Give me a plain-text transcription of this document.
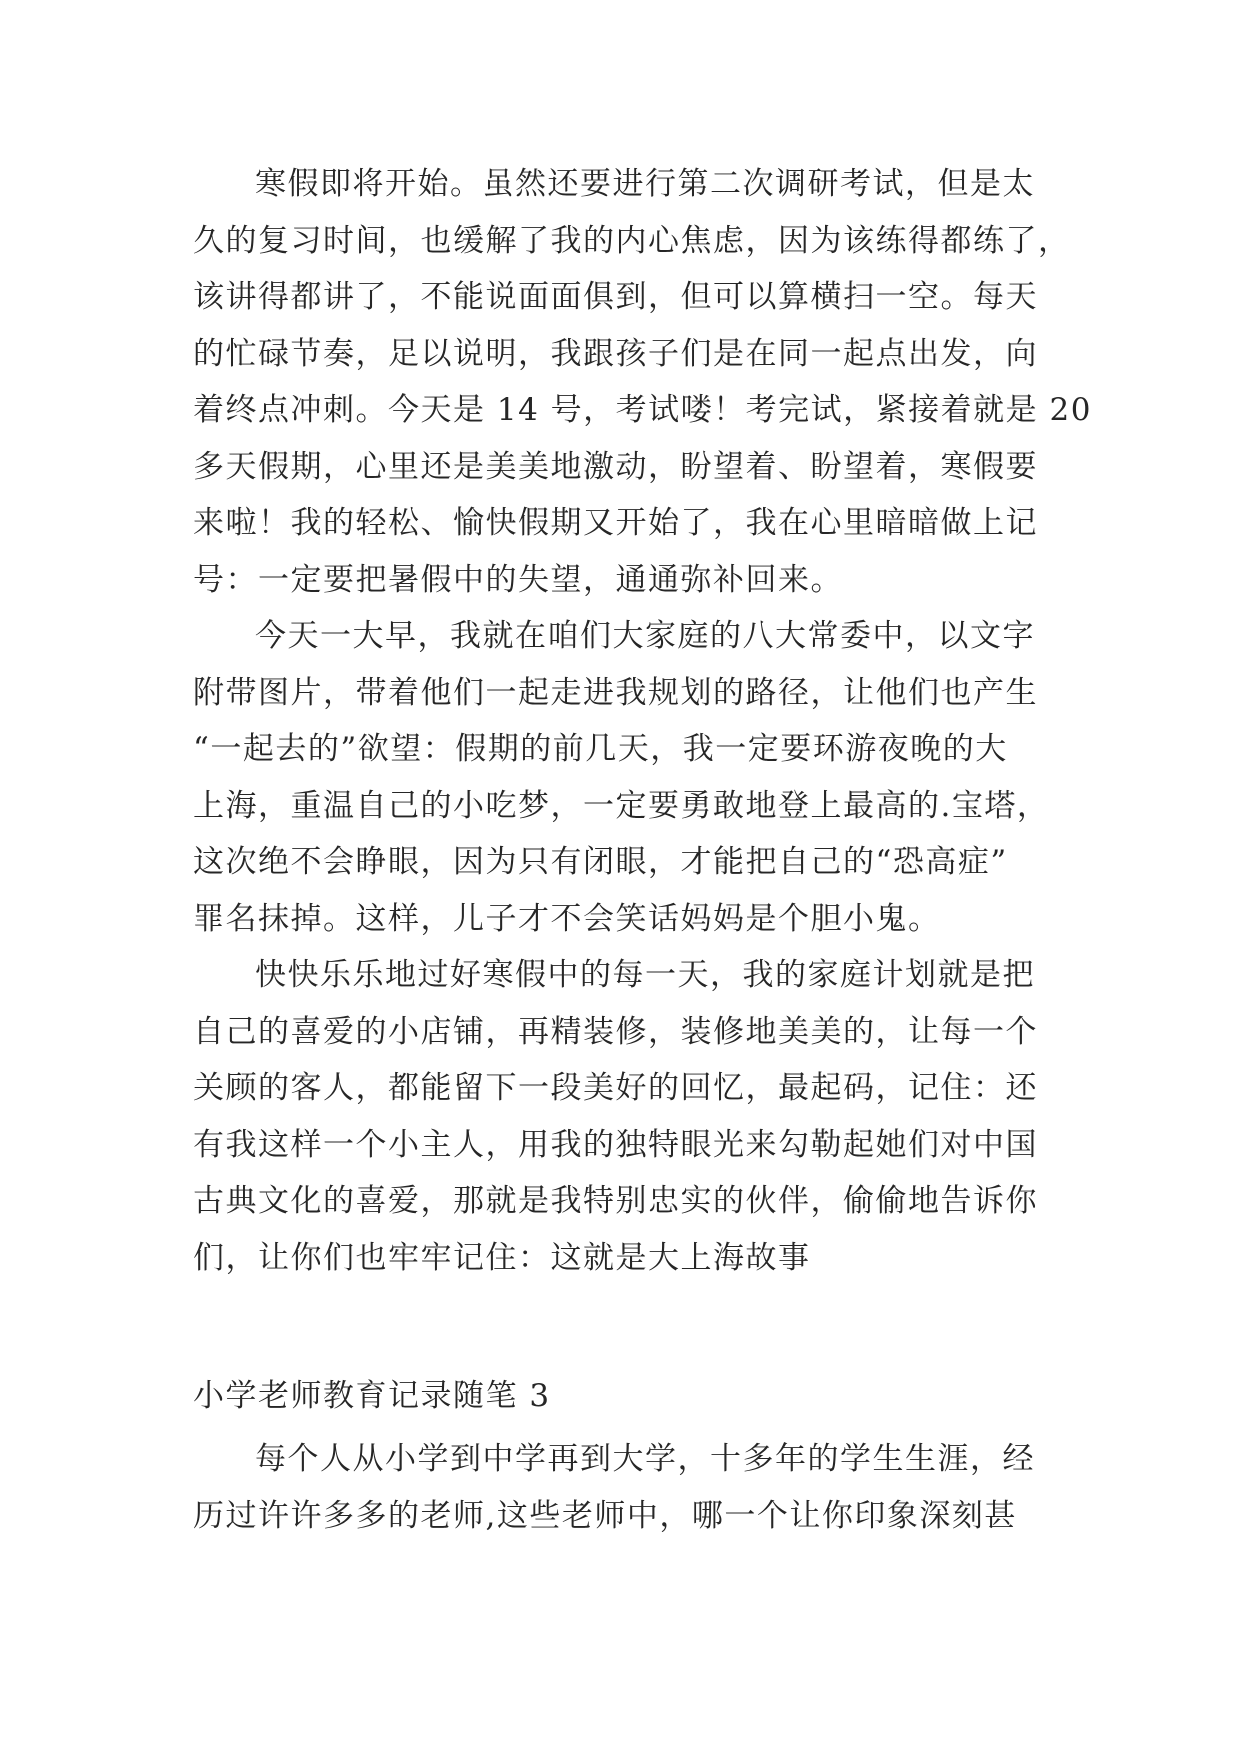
寒假即将开始。虽然还要进行第二次调研考试，但是太
久的复习时间，也缓解了我的内心焦虑，因为该练得都练了，
该讲得都讲了，不能说面面俱到，但可以算横扫一空。每天
的忙碌节奏，足以说明，我跟孩子们是在同一起点出发，向
着终点冲刺。今天是 14 号，考试喽！考完试，紧接着就是 20
多天假期，心里还是美美地激动，盼望着、盼望着，寒假要
来啦！我的轻松、愉快假期又开始了，我在心里暗暗做上记
号：一定要把暑假中的失望，通通弥补回来。
今天一大早，我就在咱们大家庭的八大常委中，以文字
附带图片，带着他们一起走进我规划的路径，让他们也产生
“一起去的”欲望：假期的前几天，我一定要环游夜晚的大
上海，重温自己的小吃梦，一定要勇敢地登上最高的.宝塔，
这次绝不会睁眼，因为只有闭眼，才能把自己的“恐高症”
罪名抹掉。这样，儿子才不会笑话妈妈是个胆小鬼。
快快乐乐地过好寒假中的每一天，我的家庭计划就是把
自己的喜爱的小店铺，再精装修，装修地美美的，让每一个
关顾的客人，都能留下一段美好的回忆，最起码，记住：还
有我这样一个小主人，用我的独特眼光来勾勒起她们对中国
古典文化的喜爱，那就是我特别忠实的伙伴，偷偷地告诉你
们，让你们也牢牢记住：这就是大上海故事
小学老师教育记录随笔 3
每个人从小学到中学再到大学，十多年的学生生涯，经
历过许许多多的老师,这些老师中，哪一个让你印象深刻甚
